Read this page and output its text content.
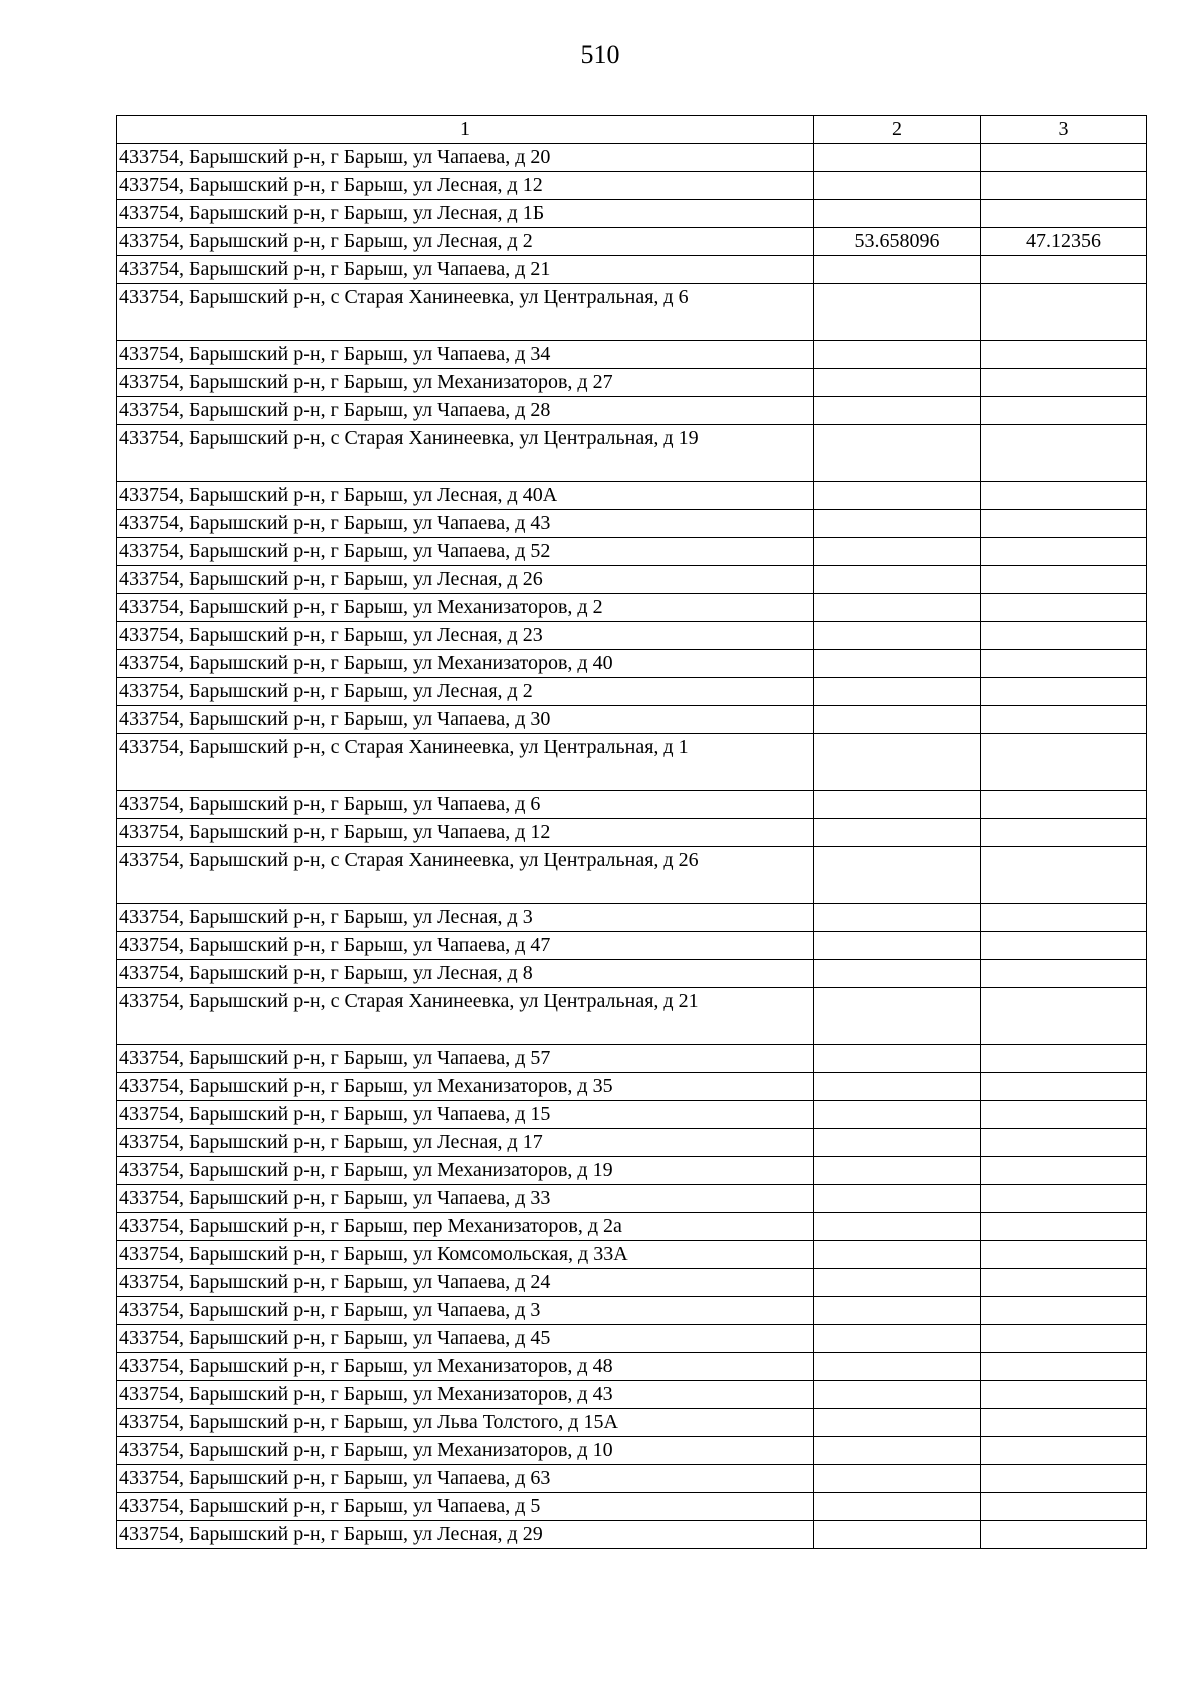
510
1	2	3
433754, Барышский р-н, г Барыш, ул Чапаева, д 20		
433754, Барышский р-н, г Барыш, ул Лесная, д 12		
433754, Барышский р-н, г Барыш, ул Лесная, д 1Б		
433754, Барышский р-н, г Барыш, ул Лесная, д 2	53.658096	47.12356
433754, Барышский р-н, г Барыш, ул Чапаева, д 21		
433754, Барышский р-н, с Старая Ханинеевка, ул Центральная, д 6		
433754, Барышский р-н, г Барыш, ул Чапаева, д 34		
433754, Барышский р-н, г Барыш, ул Механизаторов, д 27		
433754, Барышский р-н, г Барыш, ул Чапаева, д 28		
433754, Барышский р-н, с Старая Ханинеевка, ул Центральная, д 19		
433754, Барышский р-н, г Барыш, ул Лесная, д 40А		
433754, Барышский р-н, г Барыш, ул Чапаева, д 43		
433754, Барышский р-н, г Барыш, ул Чапаева, д 52		
433754, Барышский р-н, г Барыш, ул Лесная, д 26		
433754, Барышский р-н, г Барыш, ул Механизаторов, д 2		
433754, Барышский р-н, г Барыш, ул Лесная, д 23		
433754, Барышский р-н, г Барыш, ул Механизаторов, д 40		
433754, Барышский р-н, г Барыш, ул Лесная, д 2		
433754, Барышский р-н, г Барыш, ул Чапаева, д 30		
433754, Барышский р-н, с Старая Ханинеевка, ул Центральная, д 1		
433754, Барышский р-н, г Барыш, ул Чапаева, д 6		
433754, Барышский р-н, г Барыш, ул Чапаева, д 12		
433754, Барышский р-н, с Старая Ханинеевка, ул Центральная, д 26		
433754, Барышский р-н, г Барыш, ул Лесная, д 3		
433754, Барышский р-н, г Барыш, ул Чапаева, д 47		
433754, Барышский р-н, г Барыш, ул Лесная, д 8		
433754, Барышский р-н, с Старая Ханинеевка, ул Центральная, д 21		
433754, Барышский р-н, г Барыш, ул Чапаева, д 57		
433754, Барышский р-н, г Барыш, ул Механизаторов, д 35		
433754, Барышский р-н, г Барыш, ул Чапаева, д 15		
433754, Барышский р-н, г Барыш, ул Лесная, д 17		
433754, Барышский р-н, г Барыш, ул Механизаторов, д 19		
433754, Барышский р-н, г Барыш, ул Чапаева, д 33		
433754, Барышский р-н, г Барыш, пер Механизаторов, д 2а		
433754, Барышский р-н, г Барыш, ул Комсомольская, д 33А		
433754, Барышский р-н, г Барыш, ул Чапаева, д 24		
433754, Барышский р-н, г Барыш, ул Чапаева, д 3		
433754, Барышский р-н, г Барыш, ул Чапаева, д 45		
433754, Барышский р-н, г Барыш, ул Механизаторов, д 48		
433754, Барышский р-н, г Барыш, ул Механизаторов, д 43		
433754, Барышский р-н, г Барыш, ул Льва Толстого, д 15А		
433754, Барышский р-н, г Барыш, ул Механизаторов, д 10		
433754, Барышский р-н, г Барыш, ул Чапаева, д 63		
433754, Барышский р-н, г Барыш, ул Чапаева, д 5		
433754, Барышский р-н, г Барыш, ул Лесная, д 29		
